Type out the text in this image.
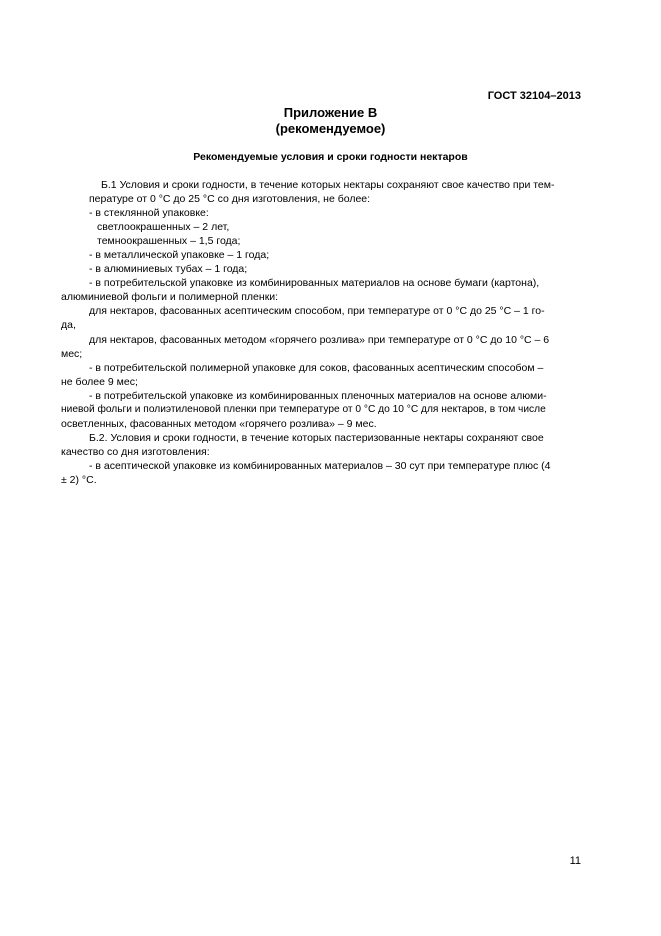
ГОСТ 32104–2013
Приложение В
(рекомендуемое)
Рекомендуемые условия и сроки годности нектаров
Б.1 Условия и сроки годности, в течение которых нектары сохраняют свое качество при тем-
пературе от 0 °С до 25 °С со дня изготовления, не более:
- в стеклянной упаковке:
светлоокрашенных – 2 лет,
темноокрашенных – 1,5 года;
- в металлической упаковке – 1 года;
- в алюминиевых тубах – 1 года;
- в потребительской упаковке из комбинированных материалов на основе бумаги (картона),
алюминиевой фольги и полимерной пленки:
для нектаров, фасованных асептическим способом, при температуре от 0 °С до 25 °С – 1 го-
да,
для нектаров, фасованных методом «горячего розлива» при температуре от 0 °С до 10 °С – 6
мес;
- в потребительской полимерной упаковке для соков, фасованных асептическим способом –
не более 9 мес;
- в потребительской упаковке из комбинированных пленочных материалов на основе алюми-
ниевой фольги и полиэтиленовой пленки при температуре от 0 °С до 10 °С для нектаров, в том числе
осветленных, фасованных методом «горячего розлива» – 9 мес.
Б.2. Условия и сроки годности, в течение которых пастеризованные нектары сохраняют свое
качество со дня изготовления:
- в асептической упаковке из комбинированных материалов – 30 сут при температуре плюс (4
± 2) °С.
11
